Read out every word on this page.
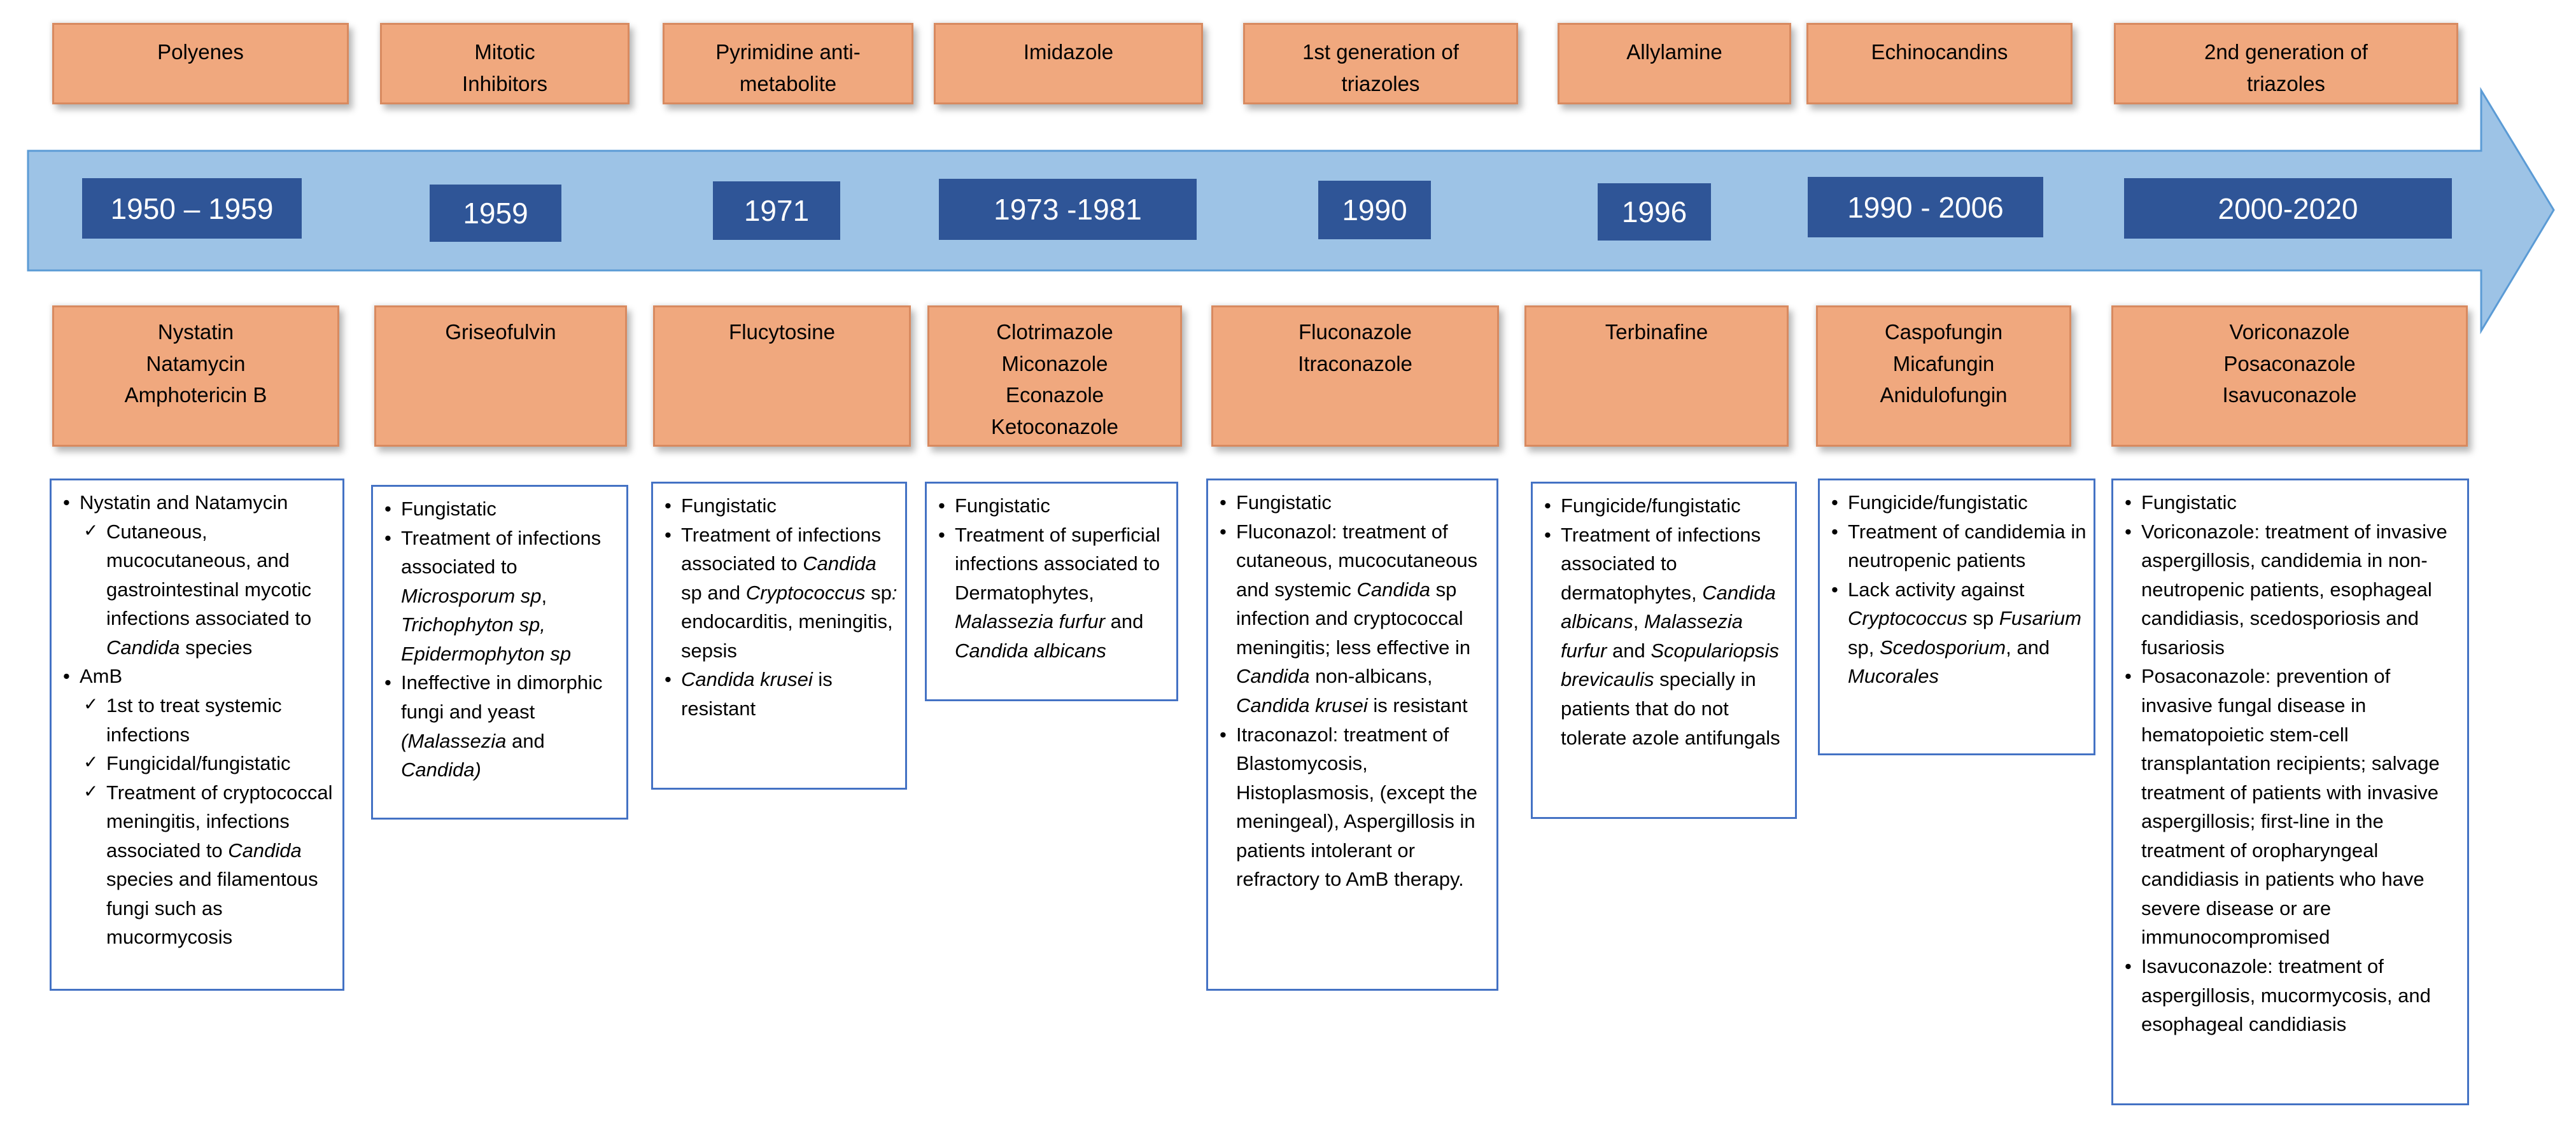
Polyenes
1950 – 1959
Nystatin
Natamycin
Amphotericin B
• Nystatin and Natamycin
✓ Cutaneous, mucocutaneous, and gastrointestinal mycotic infections associated to Candida species
• AmB
✓ 1st to treat systemic infections
✓ Fungicidal/fungistatic
✓ Treatment of cryptococcal meningitis, infections associated to Candida species and filamentous fungi such as mucormycosis
Mitotic
Inhibitors
1959
Griseofulvin
• Fungistatic
• Treatment of infections associated to Microsporum sp, Trichophyton sp, Epidermophyton sp
• Ineffective in dimorphic fungi and yeast (Malassezia and Candida)
Pyrimidine anti-
metabolite
1971
Flucytosine
• Fungistatic
• Treatment of infections associated to Candida sp and Cryptococcus sp: endocarditis, meningitis, sepsis
• Candida krusei is resistant
Imidazole
1973 -1981
Clotrimazole
Miconazole
Econazole
Ketoconazole
• Fungistatic
• Treatment of superficial infections associated to Dermatophytes, Malassezia furfur and Candida albicans
1st generation of
triazoles
1990
Fluconazole
Itraconazole
• Fungistatic
• Fluconazol: treatment of cutaneous, mucocutaneous and systemic Candida sp infection and cryptococcal meningitis; less effective in Candida non-albicans, Candida krusei is resistant
• Itraconazol: treatment of Blastomycosis, Histoplasmosis, (except the meningeal), Aspergillosis in patients intolerant or refractory to AmB therapy.
Allylamine
1996
Terbinafine
• Fungicide/fungistatic
• Treatment of infections associated to dermatophytes, Candida albicans, Malassezia furfur and Scopulariopsis brevicaulis specially in patients that do not tolerate azole antifungals
Echinocandins
1990 - 2006
Caspofungin
Micafungin
Anidulofungin
• Fungicide/fungistatic
• Treatment of candidemia in neutropenic patients
• Lack activity against Cryptococcus sp Fusarium sp, Scedosporium, and Mucorales
2nd generation of
triazoles
2000-2020
Voriconazole
Posaconazole
Isavuconazole
• Fungistatic
• Voriconazole: treatment of invasive aspergillosis, candidemia in non-neutropenic patients, esophageal candidiasis, scedosporiosis and fusariosis
• Posaconazole: prevention of invasive fungal disease in hematopoietic stem-cell transplantation recipients; salvage treatment of patients with invasive aspergillosis; first-line in the treatment of oropharyngeal candidiasis in patients who have severe disease or are immunocompromised
• Isavuconazole: treatment of aspergillosis, mucormycosis, and esophageal candidiasis
